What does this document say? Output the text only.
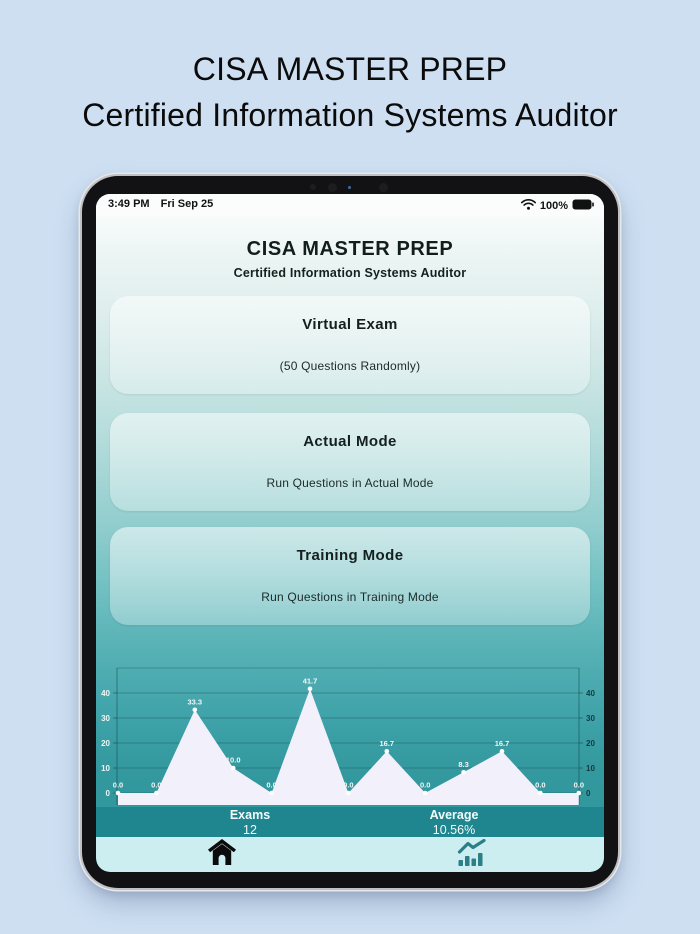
CISA MASTER PREP
Certified Information Systems Auditor
3:49 PM Fri Sep 25	100%
CISA MASTER PREP
Certified Information Systems Auditor
Virtual Exam
(50 Questions Randomly)
Actual Mode
Run Questions in Actual Mode
Training Mode
Run Questions in Training Mode
0	0
10	10
20	20
30	30
40	40
0.0	0.0
33.3
10.0
0.0
41.7
0.0
16.7
0.0
8.3
16.7
0.0	0.0
Exams
12
Average
10.56%
